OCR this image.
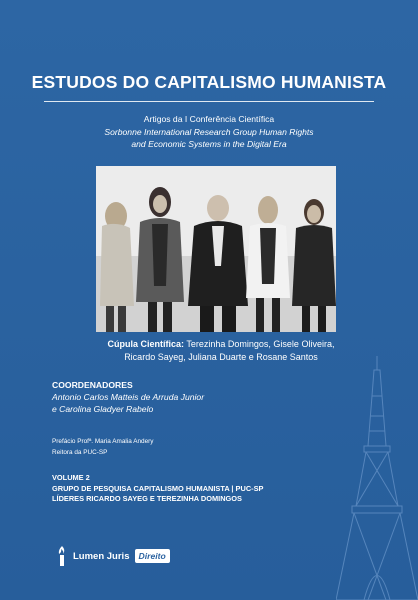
ESTUDOS DO CAPITALISMO HUMANISTA
Artigos da I Conferência Científica
Sorbonne International Research Group Human Rights
and Economic Systems in the Digital Era
Cúpula Científica: Terezinha Domingos, Gisele Oliveira,
Ricardo Sayeg, Juliana Duarte e Rosane Santos
COORDENADORES
Antonio Carlos Matteis de Arruda Junior
e Carolina Gladyer Rabelo
Prefácio Profª. Maria Amalia Andery
Reitora da PUC-SP
VOLUME 2
GRUPO DE PESQUISA CAPITALISMO HUMANISTA | PUC-SP
LÍDERES RICARDO SAYEG E TEREZINHA DOMINGOS
Lumen Juris	Direito
